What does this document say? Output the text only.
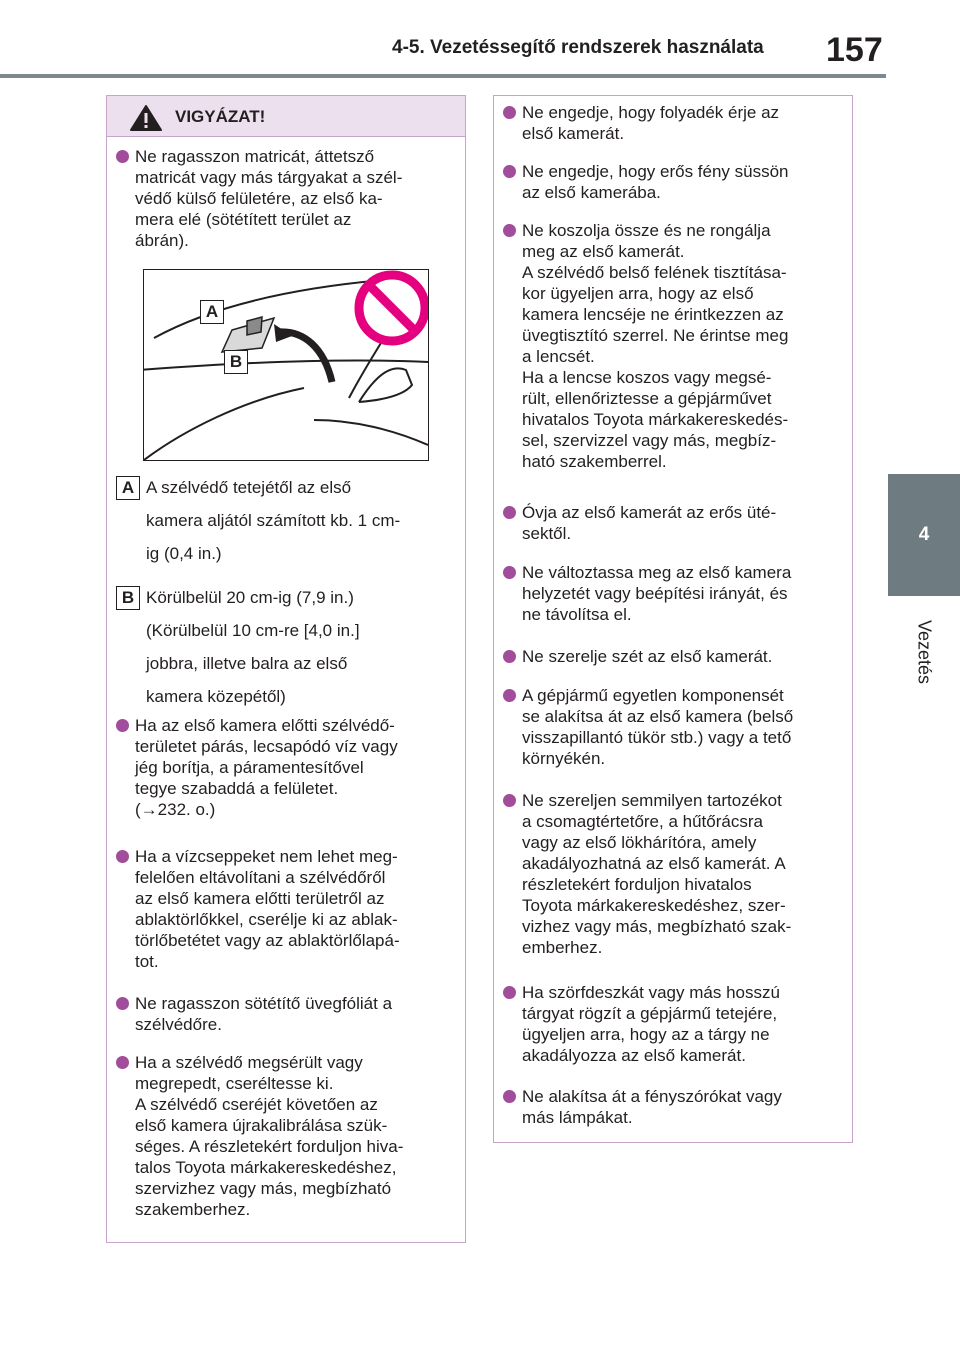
4-5. Vezetéssegítő rendszerek használata 157
4
Vezetés
VIGYÁZAT!
Ne ragasszon matricát, áttetsző
matricát vagy más tárgyakat a szél-
védő külső felületére, az első ka-
mera elé (sötétített terület az
ábrán).
A
B
A A szélvédő tetejétől az első
kamera aljától számított kb. 1 cm-
ig (0,4 in.)
B Körülbelül 20 cm-ig (7,9 in.)
(Körülbelül 10 cm-re [4,0 in.]
jobbra, illetve balra az első
kamera közepétől)
Ha az első kamera előtti szélvédő-
területet párás, lecsapódó víz vagy
jég borítja, a páramentesítővel
tegye szabaddá a felületet.
(→232. o.)
Ha a vízcseppeket nem lehet meg-
felelően eltávolítani a szélvédőről
az első kamera előtti területről az
ablaktörlőkkel, cserélje ki az ablak-
törlőbetétet vagy az ablaktörlőlapá-
tot.
Ne ragasszon sötétítő üvegfóliát a
szélvédőre.
Ha a szélvédő megsérült vagy
megrepedt, cseréltesse ki.
A szélvédő cseréjét követően az
első kamera újrakalibrálása szük-
séges. A részletekért forduljon hiva-
talos Toyota márkakereskedéshez,
szervizhez vagy más, megbízható
szakemberhez.
Ne engedje, hogy folyadék érje az
első kamerát.
Ne engedje, hogy erős fény süssön
az első kamerába.
Ne koszolja össze és ne rongálja
meg az első kamerát.
A szélvédő belső felének tisztítása-
kor ügyeljen arra, hogy az első
kamera lencséje ne érintkezzen az
üvegtisztító szerrel. Ne érintse meg
a lencsét.
Ha a lencse koszos vagy megsé-
rült, ellenőriztesse a gépjárművet
hivatalos Toyota márkakereskedés-
sel, szervizzel vagy más, megbíz-
ható szakemberrel.
Óvja az első kamerát az erős üté-
sektől.
Ne változtassa meg az első kamera
helyzetét vagy beépítési irányát, és
ne távolítsa el.
Ne szerelje szét az első kamerát.
A gépjármű egyetlen komponensét
se alakítsa át az első kamera (belső
visszapillantó tükör stb.) vagy a tető
környékén.
Ne szereljen semmilyen tartozékot
a csomagtértetőre, a hűtőrácsra
vagy az első lökhárítóra, amely
akadályozhatná az első kamerát. A
részletekért forduljon hivatalos
Toyota márkakereskedéshez, szer-
vizhez vagy más, megbízható szak-
emberhez.
Ha szörfdeszkát vagy más hosszú
tárgyat rögzít a gépjármű tetejére,
ügyeljen arra, hogy az a tárgy ne
akadályozza az első kamerát.
Ne alakítsa át a fényszórókat vagy
más lámpákat.
